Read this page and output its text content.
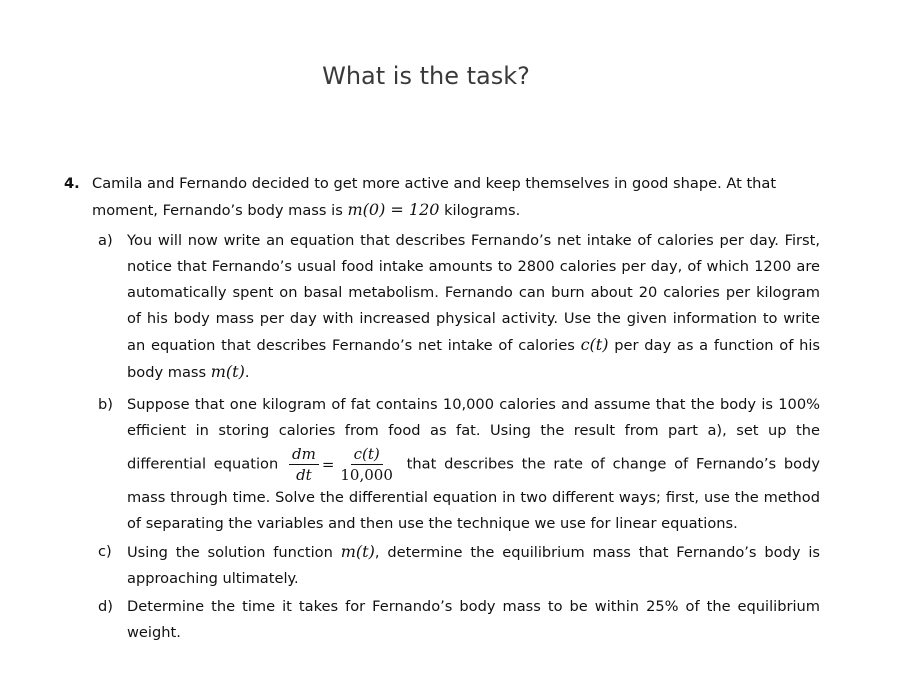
What is the task?
4. Camila and Fernando decided to get more active and keep themselves in good shape. At that moment, Fernando’s body mass is m(0) = 120 kilograms.
a) You will now write an equation that describes Fernando’s net intake of calories per day. First, notice that Fernando’s usual food intake amounts to 2800 calories per day, of which 1200 are automatically spent on basal metabolism. Fernando can burn about 20 calories per kilogram of his body mass per day with increased physical activity. Use the given information to write an equation that describes Fernando’s net intake of calories c(t) per day as a function of his body mass m(t).
b) Suppose that one kilogram of fat contains 10,000 calories and assume that the body is 100% efficient in storing calories from food as fat. Using the result from part a), set up the differential equation $\frac{dm}{dt} = \frac{c(t)}{10,000}$ that describes the rate of change of Fernando’s body mass through time. Solve the differential equation in two different ways; first, use the method of separating the variables and then use the technique we use for linear equations.
c)	Using the solution function m(t), determine the equilibrium mass that Fernando’s body is approaching ultimately.
d) Determine the time it takes for Fernando’s body mass to be within 25% of the equilibrium weight.
